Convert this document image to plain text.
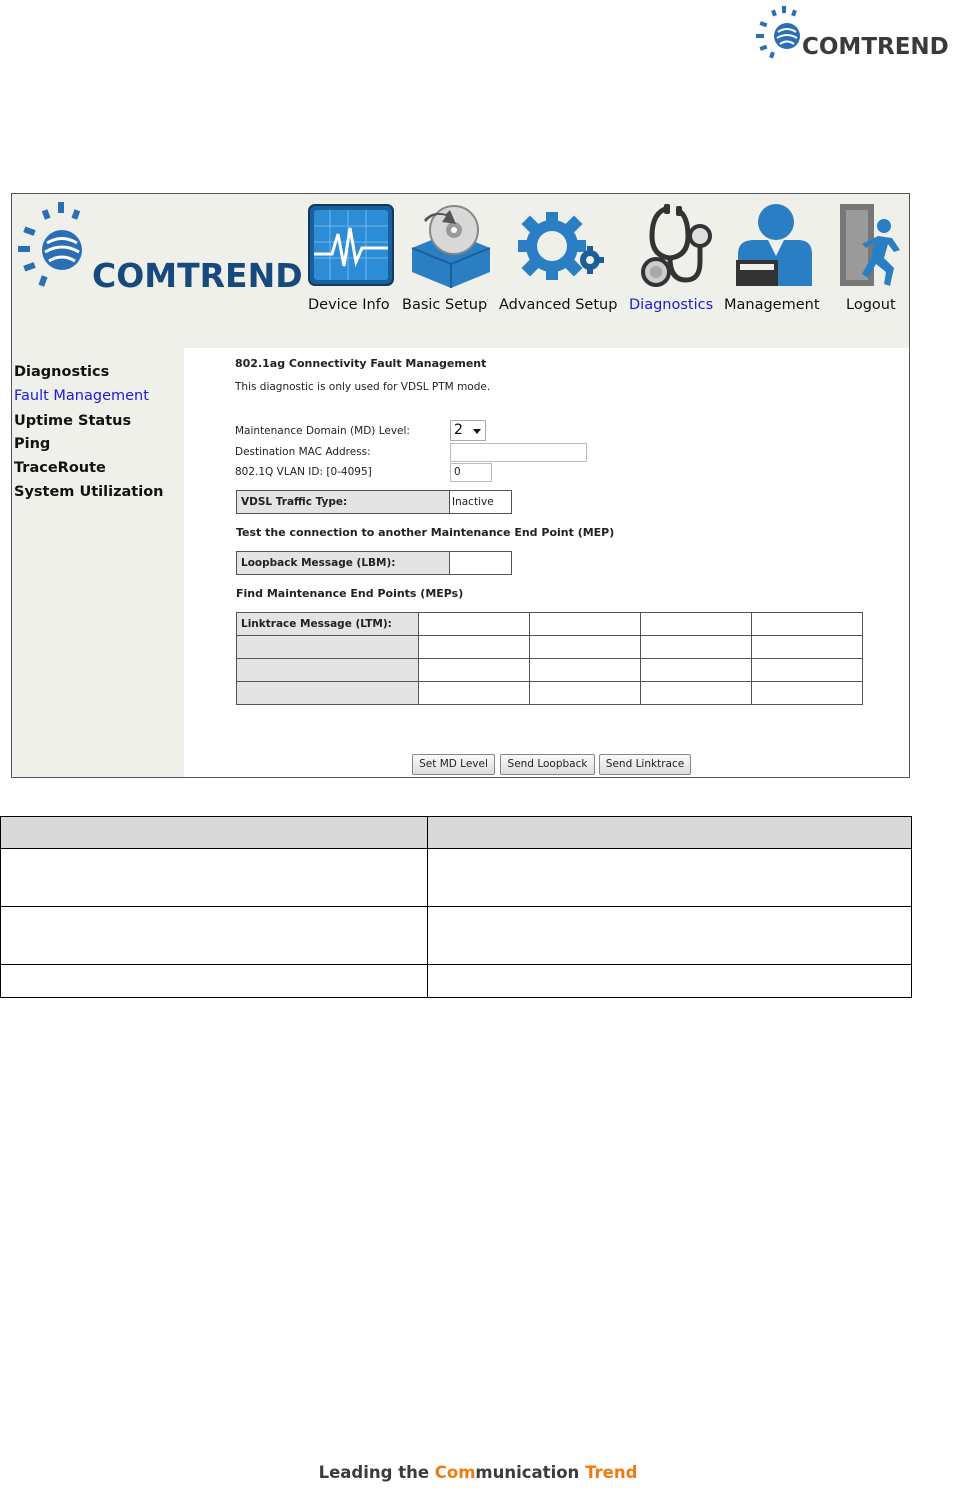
COMTREND
COMTREND
Device Info Basic Setup Advanced Setup Diagnostics Management Logout
Diagnostics
Fault Management
Uptime Status
Ping
TraceRoute
System Utilization
802.1ag Connectivity Fault Management
This diagnostic is only used for VDSL PTM mode.
Maintenance Domain (MD) Level:	2
Destination MAC Address:
802.1Q VLAN ID: [0-4095]	0
VDSL Traffic Type:	Inactive
Test the connection to another Maintenance End Point (MEP)
Loopback Message (LBM):	
Find Maintenance End Points (MEPs)
Linktrace Message (LTM):				

Set MD Level	Send Loopback	Send Linktrace

Leading the Communication Trend
